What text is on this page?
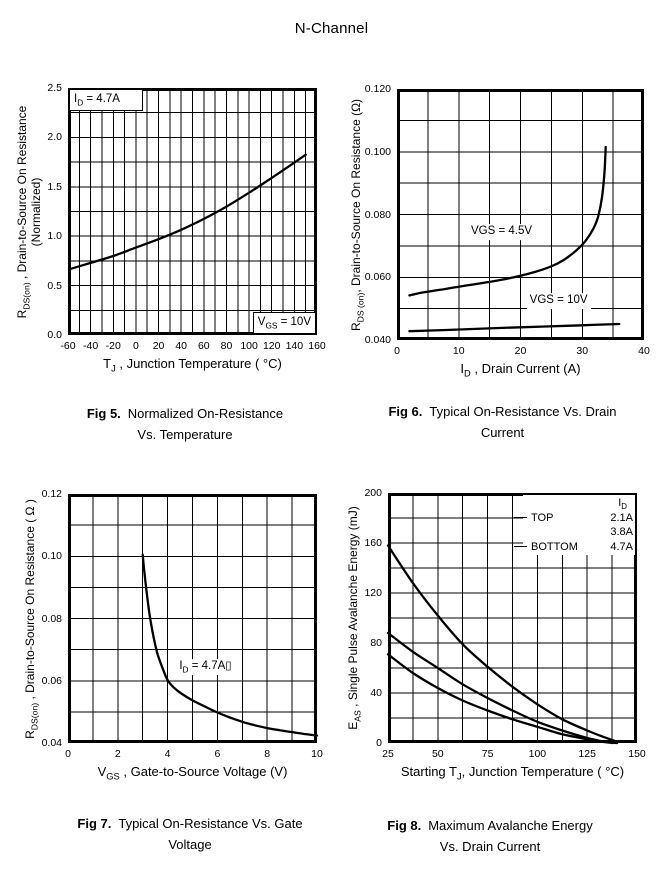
N-Channel
0.0
0.5
1.0
1.5
2.0
2.5
-60 -40 -20 0 20 40 60 80 100 120 140 160
$R_{DS(on)}$ , Drain-to-Source On Resistance (Normalized)
$T_J$ , Junction Temperature ( °C)
$I_D = 4.7A$
$V_{GS} = 10V$
0.040
0.060
0.080
0.100
0.120
0	10	20	30	40
$R_{DS (on)}$, Drain-to-Source On Resistance (Ω)
$I_D$ , Drain Current (A)
VGS = 4.5V
VGS = 10V
0.04
0.06
0.08
0.10
0.12
0	2	4	6	8	10
$R_{DS(on)}$ , Drain-to-Source On Resistance ( Ω )
$V_{GS}$ , Gate-to-Source Voltage (V)
$I_D$ = 4.7A▯
0
40
80
120
160
200
25	50	75	100	125	150
$E_{AS}$ , Single Pulse Avalanche Energy (mJ)
Starting $T_J$, Junction Temperature ( °C)
$I_D$
TOP	2.1A
3.8A
BOTTOM	4.7A
Fig 5. Normalized On-Resistance
Vs. Temperature
Fig 6. Typical On-Resistance Vs. Drain
Current
Fig 7. Typical On-Resistance Vs. Gate
Voltage
Fig 8. Maximum Avalanche Energy
Vs. Drain Current
